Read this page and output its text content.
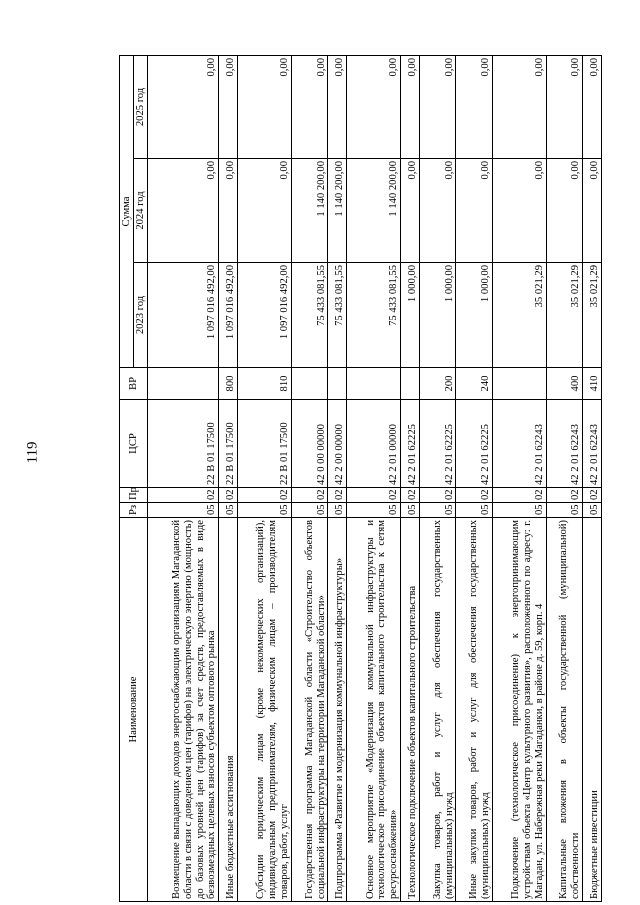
119
Наименование	Рз	Пр	ЦСР	ВР	Сумма		
					2023 год	2024 год	2025 год
Возмещение выпадающих доходов энергоснабжающим организациям Магаданской области в связи с доведением цен (тарифов) на электрическую энергию (мощность) до базовых уровней цен (тарифов) за счет средств, предоставляемых в виде безвозмездных целевых взносов субъектом оптового рынка	05	02	22 В 01 17500		1 097 016 492,00	0,00	0,00
Иные бюджетные ассигнования	05	02	22 В 01 17500	800	1 097 016 492,00	0,00	0,00
Субсидии юридическим лицам (кроме некоммерческих организаций), индивидуальным предпринимателям, физическим лицам – производителям товаров, работ, услуг	05	02	22 В 01 17500	810	1 097 016 492,00	0,00	0,00
Государственная программа Магаданской области «Строительство объектов социальной инфраструктуры на территории Магаданской области»	05	02	42 0 00 00000		75 433 081,55	1 140 200,00	0,00
Подпрограмма «Развитие и модернизация коммунальной инфраструктуры»	05	02	42 2 00 00000		75 433 081,55	1 140 200,00	0,00
Основное мероприятие «Модернизация коммунальной инфраструктуры и технологическое присоединение объектов капитального строительства к сетям ресурсоснабжения»	05	02	42 2 01 00000		75 433 081,55	1 140 200,00	0,00
Технологическое подключение объектов капитального строительства	05	02	42 2 01 62225		1 000,00	0,00	0,00
Закупка товаров, работ и услуг для обеспечения государственных (муниципальных) нужд	05	02	42 2 01 62225	200	1 000,00	0,00	0,00
Иные закупки товаров, работ и услуг для обеспечения государственных (муниципальных) нужд	05	02	42 2 01 62225	240	1 000,00	0,00	0,00
Подключение (технологическое присоединение) к энергопринимающим устройствам объекта «Центр культурного развития», расположенного по адресу: г. Магадан, ул. Набережная реки Магаданки, в районе д. 59, корп. 4	05	02	42 2 01 62243		35 021,29	0,00	0,00
Капитальные вложения в объекты государственной (муниципальной) собственности	05	02	42 2 01 62243	400	35 021,29	0,00	0,00
Бюджетные инвестиции	05	02	42 2 01 62243	410	35 021,29	0,00	0,00
